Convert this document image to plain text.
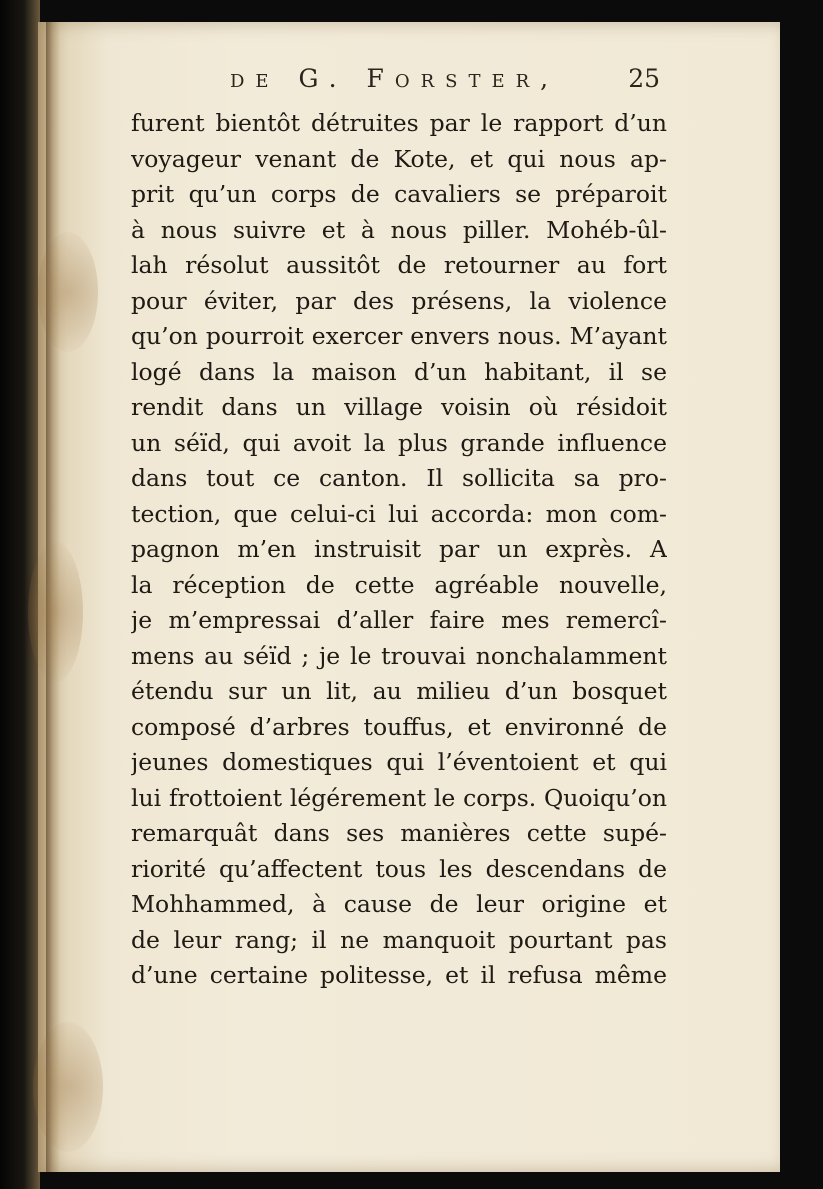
de G. Forster,	25
furent bientôt détruites par le rapport d’un
voyageur venant de Kote, et qui nous ap-
prit qu’un corps de cavaliers se préparoit
à nous suivre et à nous piller. Mohéb-ûl-
lah résolut aussitôt de retourner au fort
pour éviter, par des présens, la violence
qu’on pourroit exercer envers nous. M’ayant
logé dans la maison d’un habitant, il se
rendit dans un village voisin où résidoit
un séïd, qui avoit la plus grande influence
dans tout ce canton. Il sollicita sa pro-
tection, que celui-ci lui accorda: mon com-
pagnon m’en instruisit par un exprès. A
la réception de cette agréable nouvelle,
je m’empressai d’aller faire mes remercî-
mens au séïd ; je le trouvai nonchalamment
étendu sur un lit, au milieu d’un bosquet
composé d’arbres touffus, et environné de
jeunes domestiques qui l’éventoient et qui
lui frottoient légérement le corps. Quoiqu’on
remarquât dans ses manières cette supé-
riorité qu’affectent tous les descendans de
Mohhammed, à cause de leur origine et
de leur rang; il ne manquoit pourtant pas
d’une certaine politesse, et il refusa même
